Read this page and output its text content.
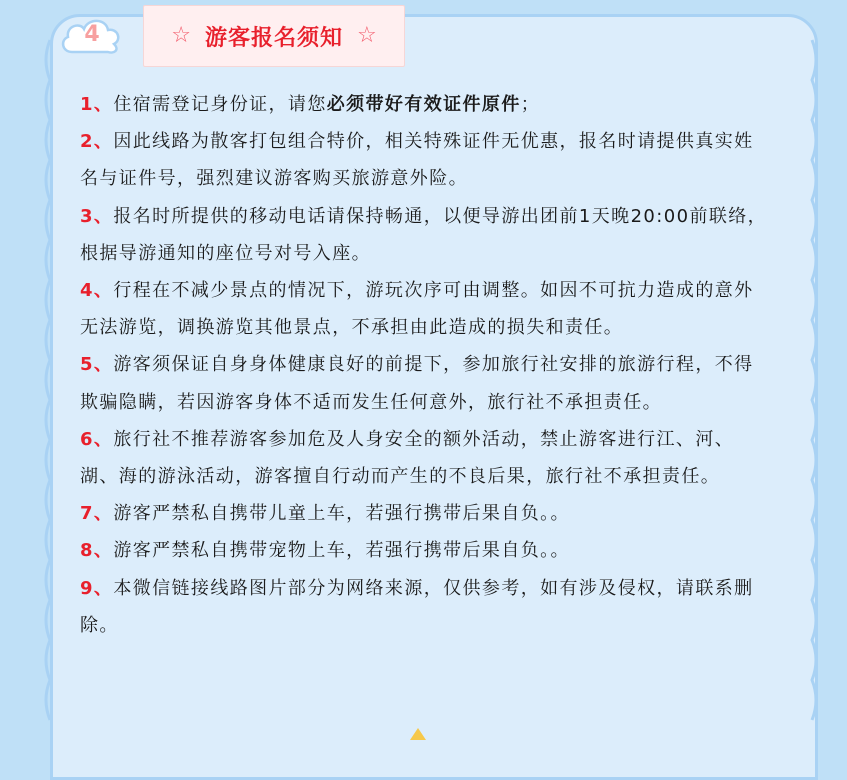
4	☆ 游客报名须知 ☆

1、住宿需登记身份证，请您必须带好有效证件原件；

2、因此线路为散客打包组合特价，相关特殊证件无优惠，报名时请提供真实姓名与证件号，强烈建议游客购买旅游意外险。

3、报名时所提供的移动电话请保持畅通，以便导游出团前1天晚20:00前联络，根据导游通知的座位号对号入座。

4、行程在不减少景点的情况下，游玩次序可由调整。如因不可抗力造成的意外无法游览，调换游览其他景点，不承担由此造成的损失和责任。

5、游客须保证自身身体健康良好的前提下，参加旅行社安排的旅游行程，不得欺骗隐瞒，若因游客身体不适而发生任何意外，旅行社不承担责任。

6、旅行社不推荐游客参加危及人身安全的额外活动，禁止游客进行江、河、湖、海的游泳活动，游客擅自行动而产生的不良后果，旅行社不承担责任。

7、游客严禁私自携带儿童上车，若强行携带后果自负。。

8、游客严禁私自携带宠物上车，若强行携带后果自负。。

9、本微信链接线路图片部分为网络来源，仅供参考，如有涉及侵权，请联系删除。
